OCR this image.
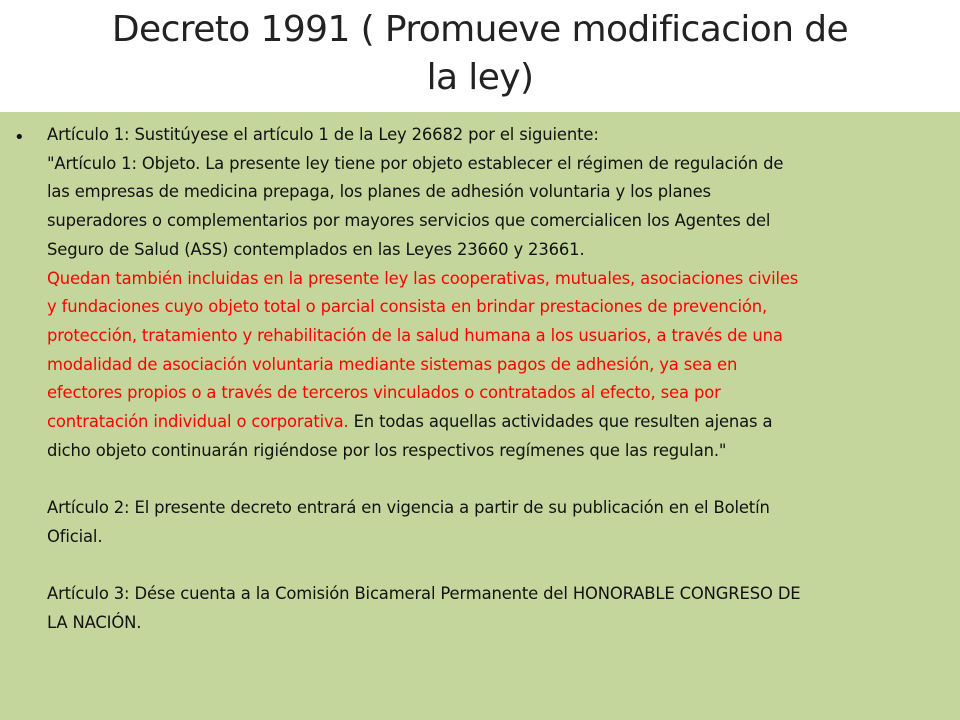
Decreto 1991 ( Promueve modificacion de
la ley)
• Artículo 1: Sustitúyese el artículo 1 de la Ley 26682 por el siguiente:

"Artículo 1: Objeto. La presente ley tiene por objeto establecer el régimen de regulación de

las empresas de medicina prepaga, los planes de adhesión voluntaria y los planes

superadores o complementarios por mayores servicios que comercialicen los Agentes del

Seguro de Salud (ASS) contemplados en las Leyes 23660 y 23661.

Quedan también incluidas en la presente ley las cooperativas, mutuales, asociaciones civiles

y fundaciones cuyo objeto total o parcial consista en brindar prestaciones de prevención,

protección, tratamiento y rehabilitación de la salud humana a los usuarios, a través de una

modalidad de asociación voluntaria mediante sistemas pagos de adhesión, ya sea en

efectores propios o a través de terceros vinculados o contratados al efecto, sea por

contratación individual o corporativa. En todas aquellas actividades que resulten ajenas a

dicho objeto continuarán rigiéndose por los respectivos regímenes que las regulan."

Artículo 2: El presente decreto entrará en vigencia a partir de su publicación en el Boletín

Oficial.

Artículo 3: Dése cuenta a la Comisión Bicameral Permanente del HONORABLE CONGRESO DE

LA NACIÓN.
